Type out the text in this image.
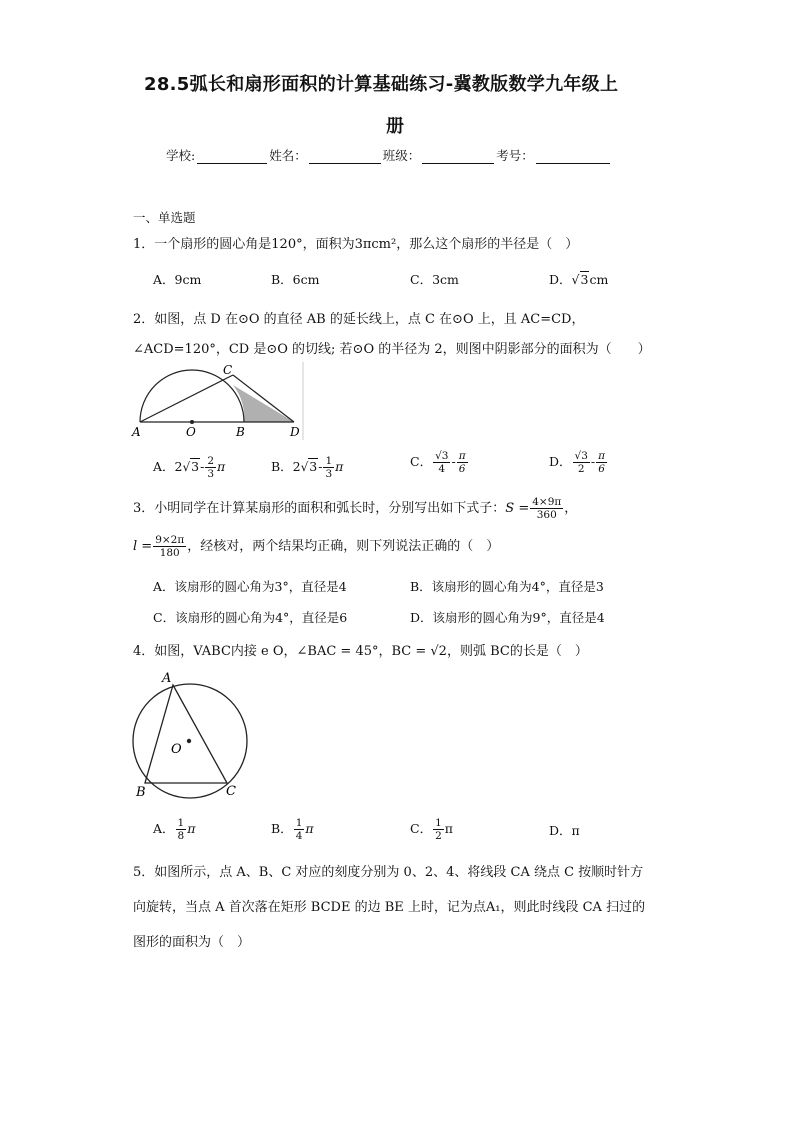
28.5弧长和扇形面积的计算基础练习-冀教版数学九年级上
册
学校:	姓名：	班级：	考号：
一、单选题
1．一个扇形的圆心角是120°，面积为3πcm²，那么这个扇形的半径是（　）
A．9cm	B．6cm	C．3cm	D．√3cm
2．如图，点 D 在⊙O 的直径 AB 的延长线上，点 C 在⊙O 上，且 AC=CD，
∠ACD=120°，CD 是⊙O 的切线; 若⊙O 的半径为 2，则图中阴影部分的面积为（　　）
A	O	B	D
C
A．$2√3- \frac{2}{3}$ π	B．$2√3- \frac{1}{3}$ π	C． $\frac{√3}{4} - \frac{\pi}{6}$	D． $\frac{√3}{2} - \frac{\pi}{6}$
3．小明同学在计算某扇形的面积和弧长时，分别写出如下式子：$S = \frac{4\times 9\pi}{360}$ ，
$l = \frac{9\times 2\pi}{180}$ ，经核对，两个结果均正确，则下列说法正确的（　）
A．该扇形的圆心角为3°，直径是4	B．该扇形的圆心角为4°，直径是3
C．该扇形的圆心角为4°，直径是6	D．该扇形的圆心角为9°，直径是4
4．如图，VABC内接 e O，∠BAC = 45°，BC = √2，则弧 BC的长是（　）
A
O
B	C
A． $\frac{1}{8}$ π	B． $\frac{1}{4}$ π	C． $\frac{1}{2}$ π	D．π
5．如图所示，点 A、B、C 对应的刻度分别为 0、2、4、将线段 CA 绕点 C 按顺时针方
向旋转，当点 A 首次落在矩形 BCDE 的边 BE 上时，记为点A₁，则此时线段 CA 扫过的
图形的面积为（　）
